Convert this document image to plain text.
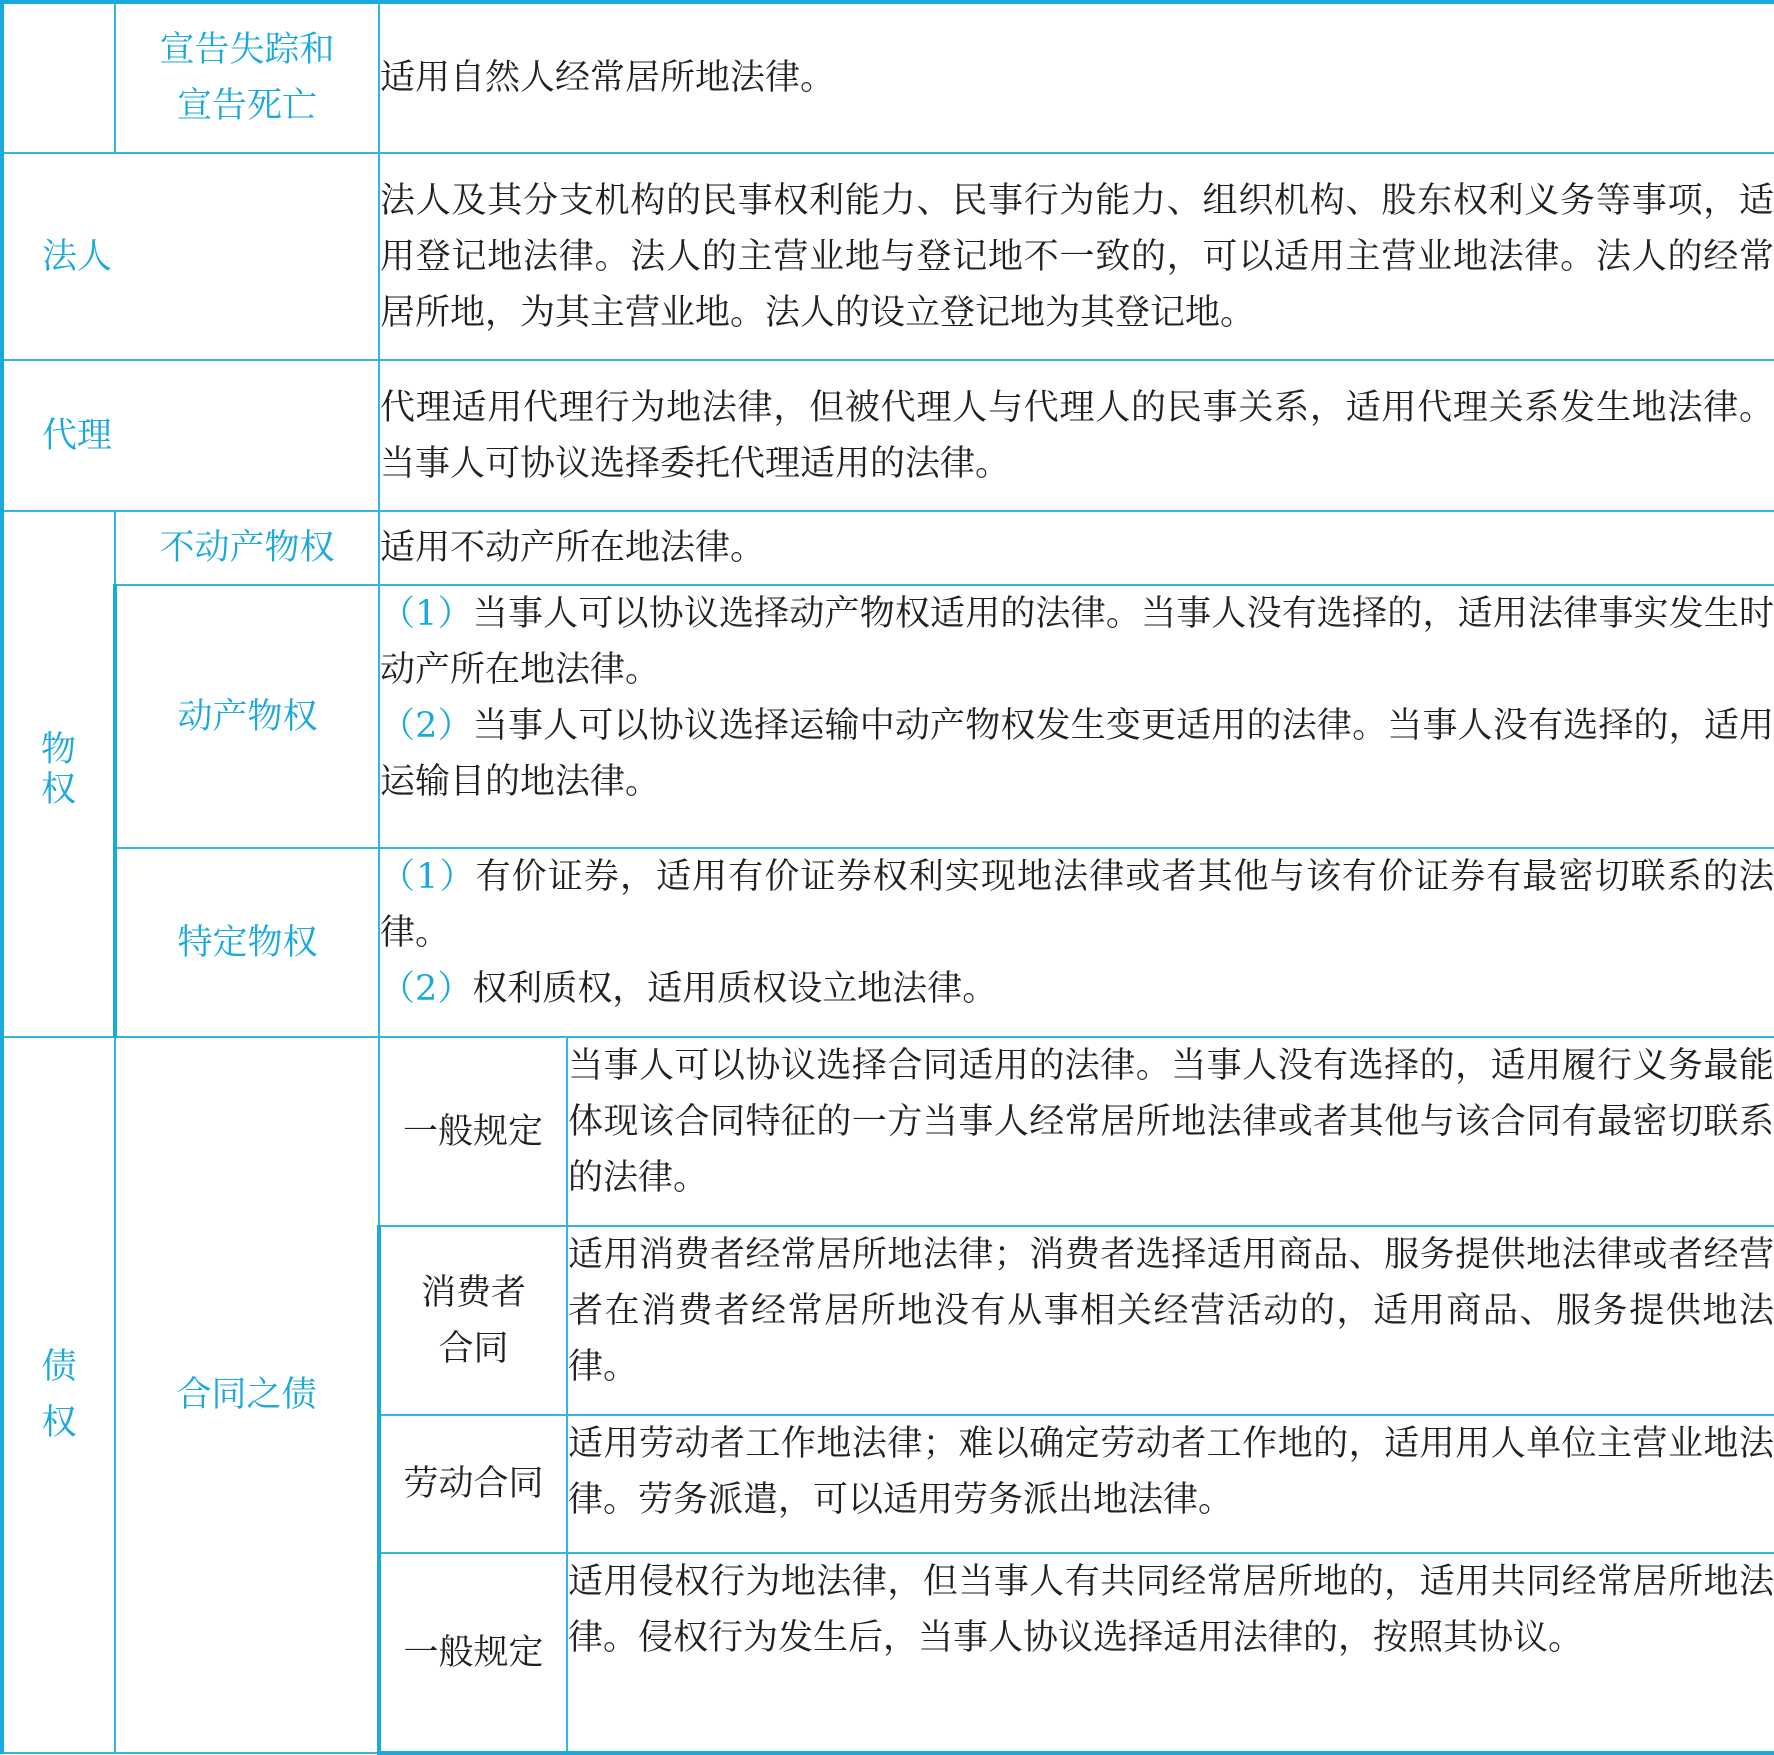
	宣告失踪和宣告死亡	适用自然人经常居所地法律。	
法人		法人及其分支机构的民事权利能力、民事行为能力、组织机构、股东权利义务等事项，适用登记地法律。法人的主营业地与登记地不一致的，可以适用主营业地法律。法人的经常居所地，为其主营业地。法人的设立登记地为其登记地。	
代理		代理适用代理行为地法律，但被代理人与代理人的民事关系，适用代理关系发生地法律。当事人可协议选择委托代理适用的法律。	
物权	不动产物权	适用不动产所在地法律。	
	动产物权	（1）当事人可以协议选择动产物权适用的法律。当事人没有选择的，适用法律事实发生时动产所在地法律。
（2）当事人可以协议选择运输中动产物权发生变更适用的法律。当事人没有选择的，适用运输目的地法律。	

	特定物权	（1）有价证券，适用有价证券权利实现地法律或者其他与该有价证券有最密切联系的法律。
（2）权利质权，适用质权设立地法律。	

债权	合同之债	一般规定	当事人可以协议选择合同适用的法律。当事人没有选择的，适用履行义务最能体现该合同特征的一方当事人经常居所地法律或者其他与该合同有最密切联系的法律。

		消费者合同	适用消费者经常居所地法律；消费者选择适用商品、服务提供地法律或者经营者在消费者经常居所地没有从事相关经营活动的，适用商品、服务提供地法律。
		劳动合同	适用劳动者工作地法律；难以确定劳动者工作地的，适用用人单位主营业地法律。劳务派遣，可以适用劳务派出地法律。
		一般规定	适用侵权行为地法律，但当事人有共同经常居所地的，适用共同经常居所地法律。侵权行为发生后，当事人协议选择适用法律的，按照其协议。
